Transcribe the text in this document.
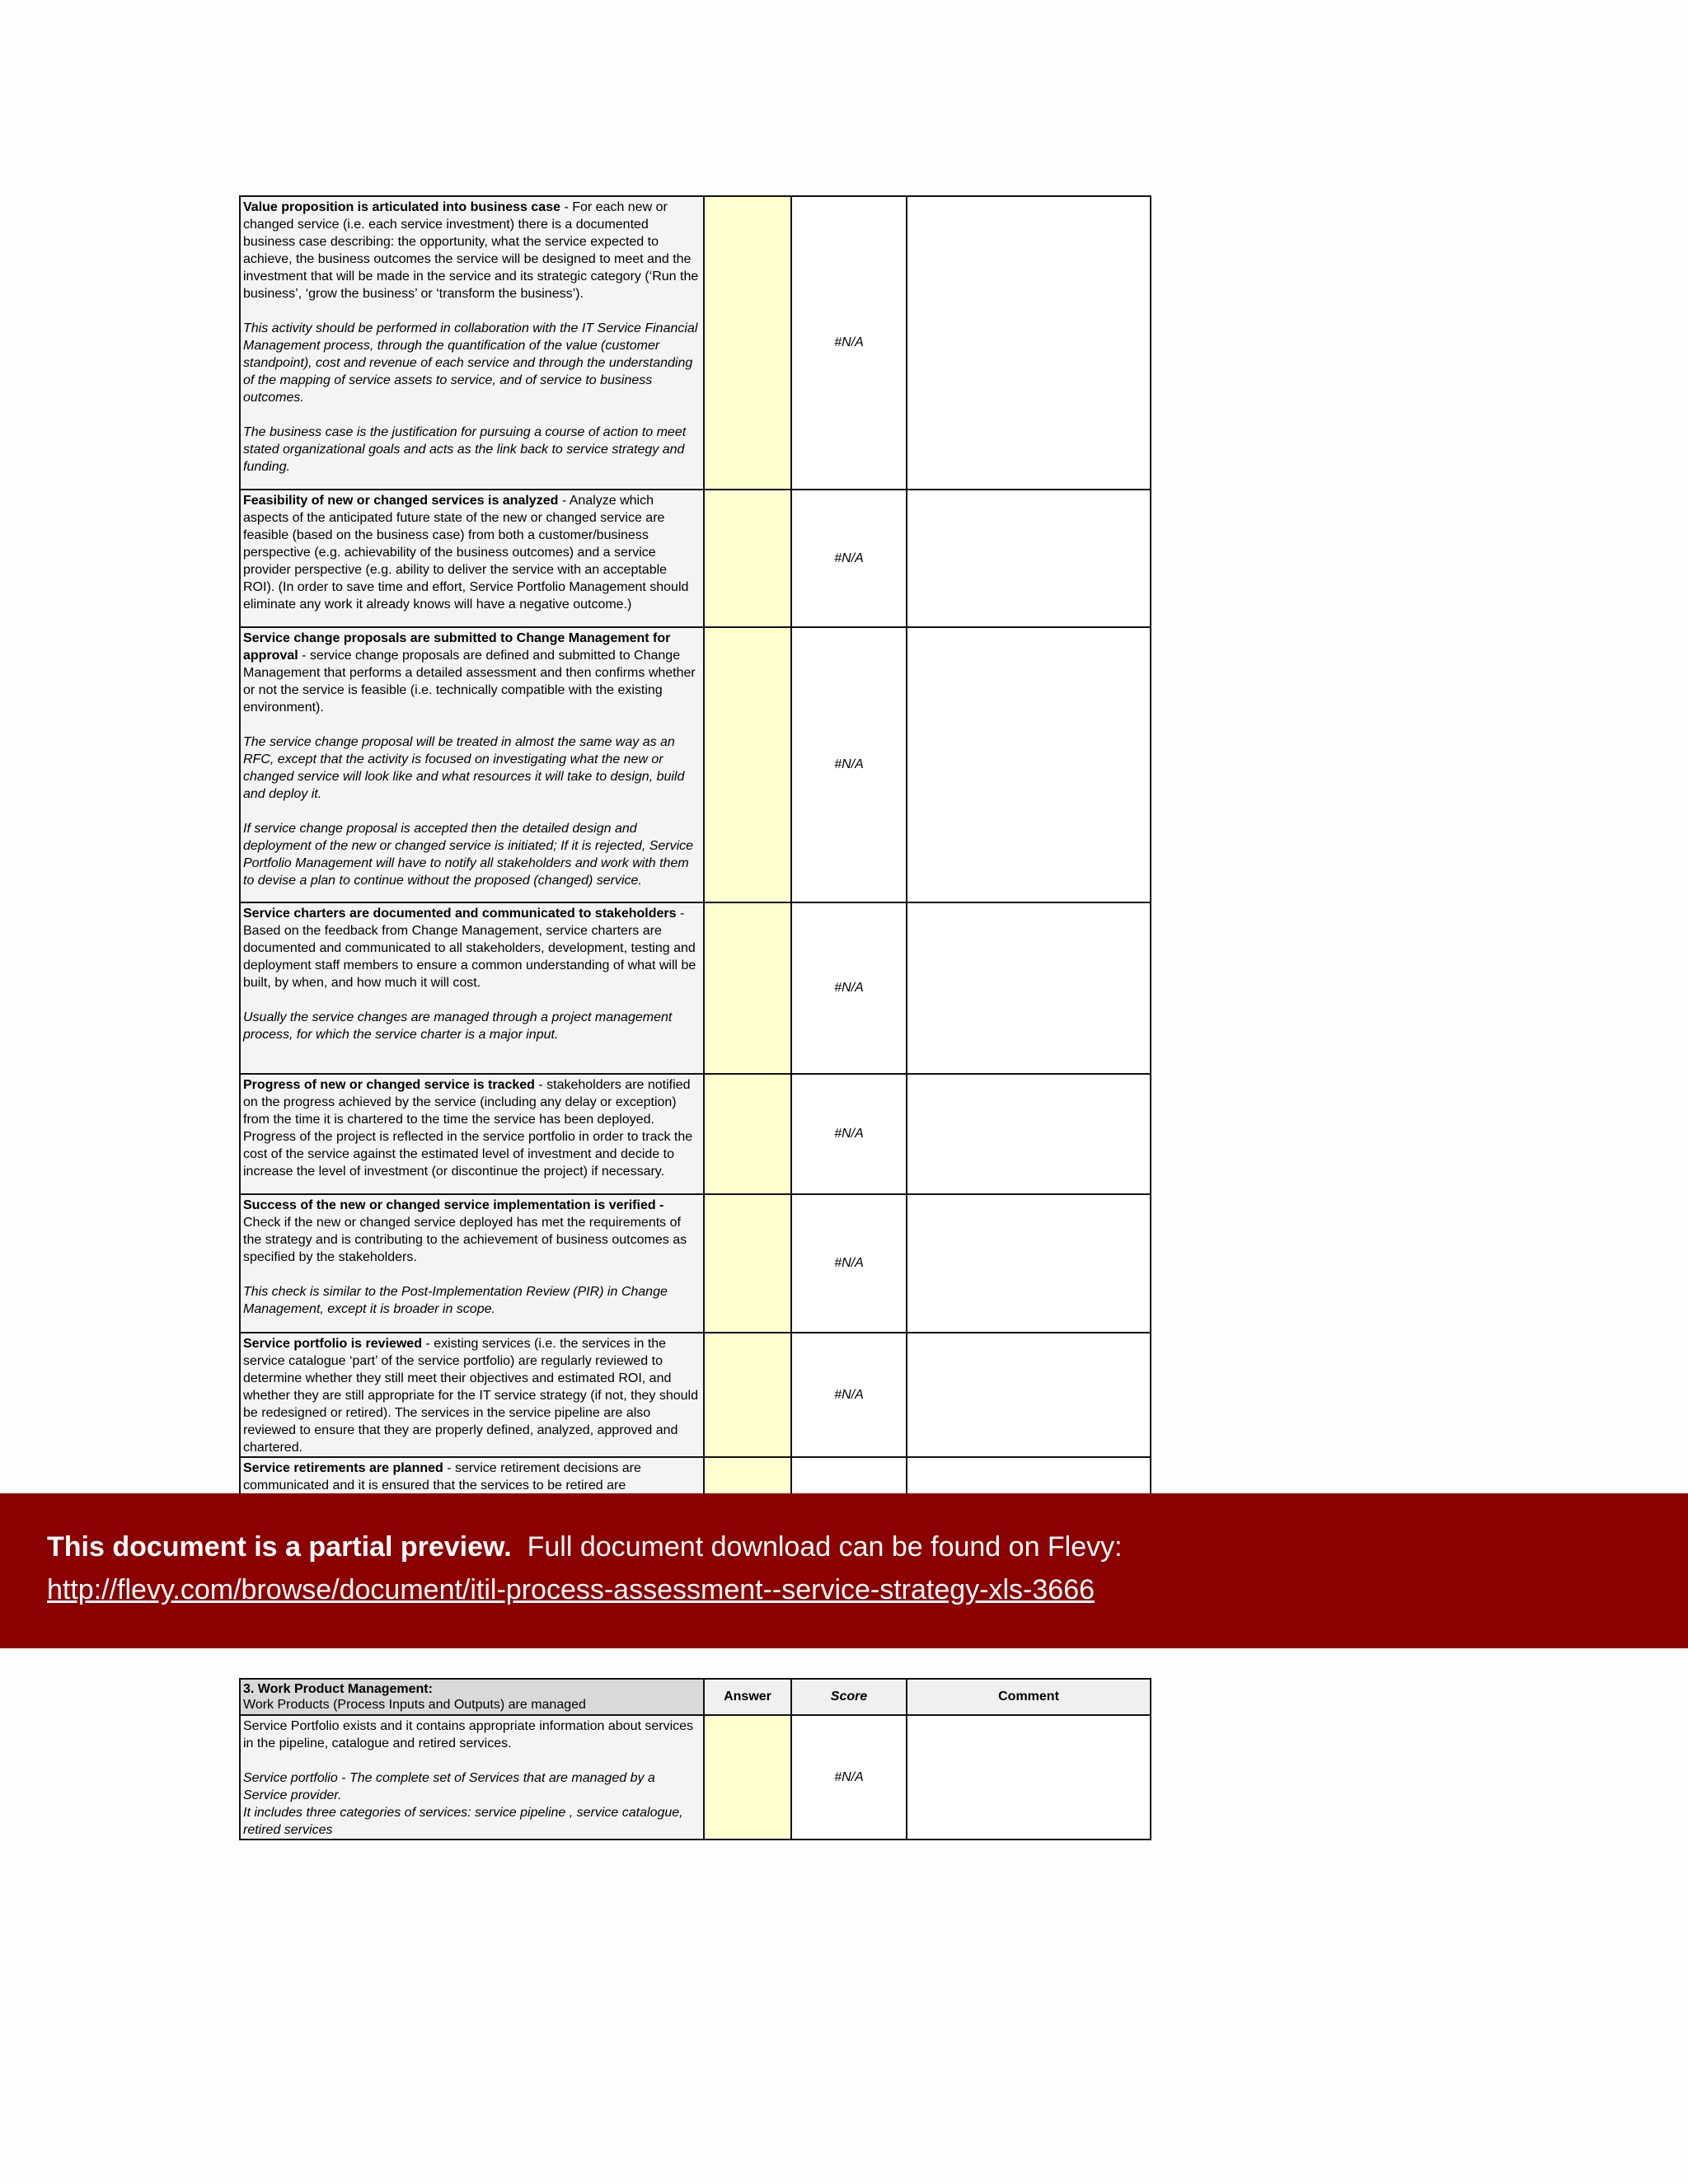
Value proposition is articulated into business case - For each new or changed service (i.e. each service investment) there is a documented business case describing: the opportunity, what the service expected to achieve, the business outcomes the service will be designed to meet and the investment that will be made in the service and its strategic category (‘Run the business’, ‘grow the business’ or ‘transform the business’).

This activity should be performed in collaboration with the IT Service Financial Management process, through the quantification of the value (customer standpoint), cost and revenue of each service and through the understanding of the mapping of service assets to service, and of service to business outcomes.

The business case is the justification for pursuing a course of action to meet stated organizational goals and acts as the link back to service strategy and funding.		#N/A	

Feasibility of new or changed services is analyzed - Analyze which aspects of the anticipated future state of the new or changed service are feasible (based on the business case) from both a customer/business perspective (e.g. achievability of the business outcomes) and a service provider perspective (e.g. ability to deliver the service with an acceptable ROI). (In order to save time and effort, Service Portfolio Management should eliminate any work it already knows will have a negative outcome.)		#N/A	

Service change proposals are submitted to Change Management for approval - service change proposals are defined and submitted to Change Management that performs a detailed assessment and then confirms whether or not the service is feasible (i.e. technically compatible with the existing environment).

The service change proposal will be treated in almost the same way as an RFC, except that the activity is focused on investigating what the new or changed service will look like and what resources it will take to design, build and deploy it.

If service change proposal is accepted then the detailed design and deployment of the new or changed service is initiated; If it is rejected, Service Portfolio Management will have to notify all stakeholders and work with them to devise a plan to continue without the proposed (changed) service.		#N/A	

Service charters are documented and communicated to stakeholders - Based on the feedback from Change Management, service charters are documented and communicated to all stakeholders, development, testing and deployment staff members to ensure a common understanding of what will be built, by when, and how much it will cost.

Usually the service changes are managed through a project management process, for which the service charter is a major input.		#N/A	

Progress of new or changed service is tracked - stakeholders are notified on the progress achieved by the service (including any delay or exception) from the time it is chartered to the time the service has been deployed. Progress of the project is reflected in the service portfolio in order to track the cost of the service against the estimated level of investment and decide to increase the level of investment (or discontinue the project) if necessary.		#N/A	

Success of the new or changed service implementation is verified - Check if the new or changed service deployed has met the requirements of the strategy and is contributing to the achievement of business outcomes as specified by the stakeholders.

This check is similar to the Post-Implementation Review (PIR) in Change Management, except it is broader in scope.		#N/A	

Service portfolio is reviewed - existing services (i.e. the services in the service catalogue ‘part’ of the service portfolio) are regularly reviewed to determine whether they still meet their objectives and estimated ROI, and whether they are still appropriate for the IT service strategy (if not, they should be redesigned or retired). The services in the service pipeline are also reviewed to ensure that they are properly defined, analyzed, approved and chartered.		#N/A	

Service retirements are planned - service retirement decisions are communicated and it is ensured that the services to be retired are			

This document is a partial preview. Full document download can be found on Flevy:
http://flevy.com/browse/document/itil-process-assessment--service-strategy-xls-3666
3. Work Product Management:
Work Products (Process Inputs and Outputs) are managed	Answer	Score	Comment

Service Portfolio exists and it contains appropriate information about services in the pipeline, catalogue and retired services.

Service portfolio - The complete set of Services that are managed by a Service provider.

It includes three categories of services: service pipeline , service catalogue, retired services		#N/A	
